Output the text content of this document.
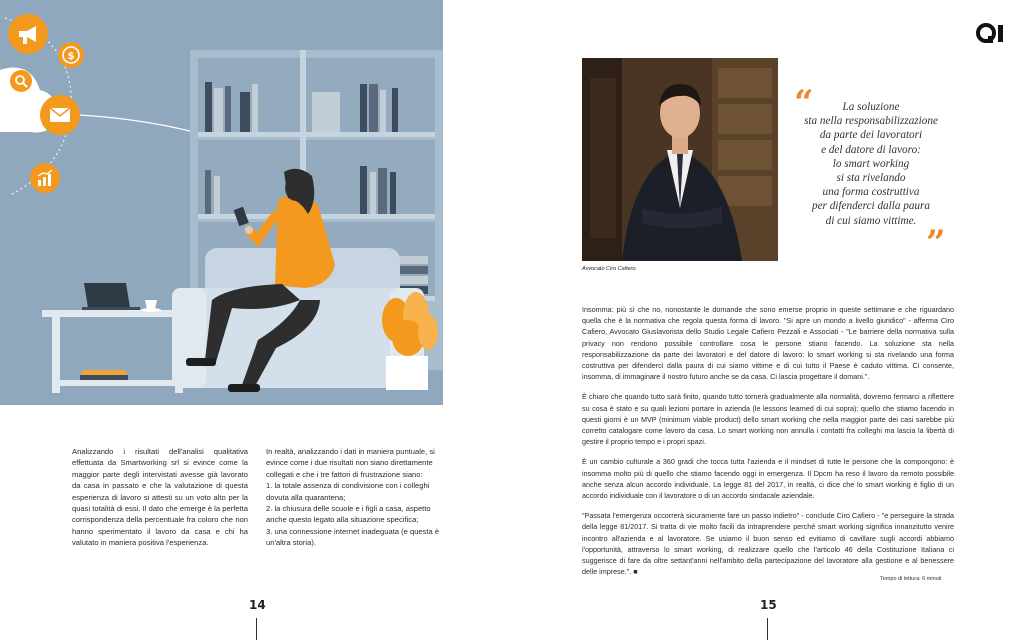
$
Analizzando i risultati dell'analisi qualitativa effettuata da Smartworking srl si evince come la maggior parte degli intervistati avesse già lavorato da casa in passato e che la valutazione di questa esperienza di lavoro si attesti su un voto alto per la quasi totalità di essi. Il dato che emerge è la perfetta corrispondenza della percentuale fra coloro che non hanno sperimentato il lavoro da casa e chi ha valutato in maniera positiva l'esperienza.
In realtà, analizzando i dati in maniera puntuale, si evince come i due risultati non siano direttamente collegati e che i tre fattori di frustrazione siano:
1. la totale assenza di condivisione con i colleghi dovuta alla quarantena;
2. la chiusura delle scuole e i figli a casa, aspetto anche questo legato alla situazione specifica;
3. una connessione internet inadeguata (e questa è un'altra storia).
14
Avvocato Ciro Cafiero.
“	La soluzione
sta nella responsabilizzazione
da parte dei lavoratori
e del datore di lavoro:
lo smart working
si sta rivelando
una forma costruttiva
per difenderci dalla paura
di cui siamo vittime.
”

Insomma: più sì che no, nonostante le domande che sono emerse proprio in queste settimane e che riguardano quella che è la normativa che regola questa forma di lavoro. "Si apre un mondo a livello giuridico" - afferma Ciro Cafiero, Avvocato Giuslavorista dello Studio Legale Cafiero Pezzali e Associati - "Le barriere della normativa sulla privacy non rendono possibile controllare cosa le persone stiano facendo. La soluzione sta nella responsabilizzazione da parte dei lavoratori e del datore di lavoro: lo smart working si sta rivelando una forma costruttiva per difenderci dalla paura di cui siamo vittime e di cui tutto il Paese è caduto vittima. Ci consente, insomma, di immaginare il nostro futuro anche se da casa. Ci lascia progettare il domani.".

È chiaro che quando tutto sarà finito, quando tutto tornerà gradualmente alla normalità, dovremo fermarci a riflettere su cosa è stato e su quali lezioni portare in azienda (le lessons learned di cui sopra): quello che stiamo facendo in questi giorni è un MVP (minimum viable product) dello smart working che nella maggior parte dei casi sarebbe più corretto catalogare come lavoro da casa. Lo smart working non annulla i contatti fra colleghi ma lascia la libertà di gestire il proprio tempo e i propri spazi.

È un cambio culturale a 360 gradi che tocca tutta l'azienda e il mindset di tutte le persone che la compongono: è insomma molto più di quello che stiamo facendo oggi in emergenza. Il Dpcm ha reso il lavoro da remoto possibile anche senza alcun accordo individuale. La legge 81 del 2017, in realtà, ci dice che lo smart working è figlio di un accordo individuale con il lavoratore o di un accordo sindacale aziendale.

"Passata l'emergenza occorrerà sicuramente fare un passo indietro" - conclude Ciro Cafiero - "e perseguire la strada della legge 81/2017. Si tratta di vie molto facili da intraprendere perché smart working significa innanzitutto venire incontro all'azienda e al lavoratore. Se usiamo il buon senso ed evitiamo di cavillare sugli accordi abbiamo l'opportunità, attraverso lo smart working, di realizzare quello che l'articolo 46 della Costituzione Italiana ci suggerisce di fare da oltre settant'anni nell'ambito della partecipazione del lavoratore alla gestione e al benessere delle imprese.". ■

Tempo di lettura: 6 minuti
15
